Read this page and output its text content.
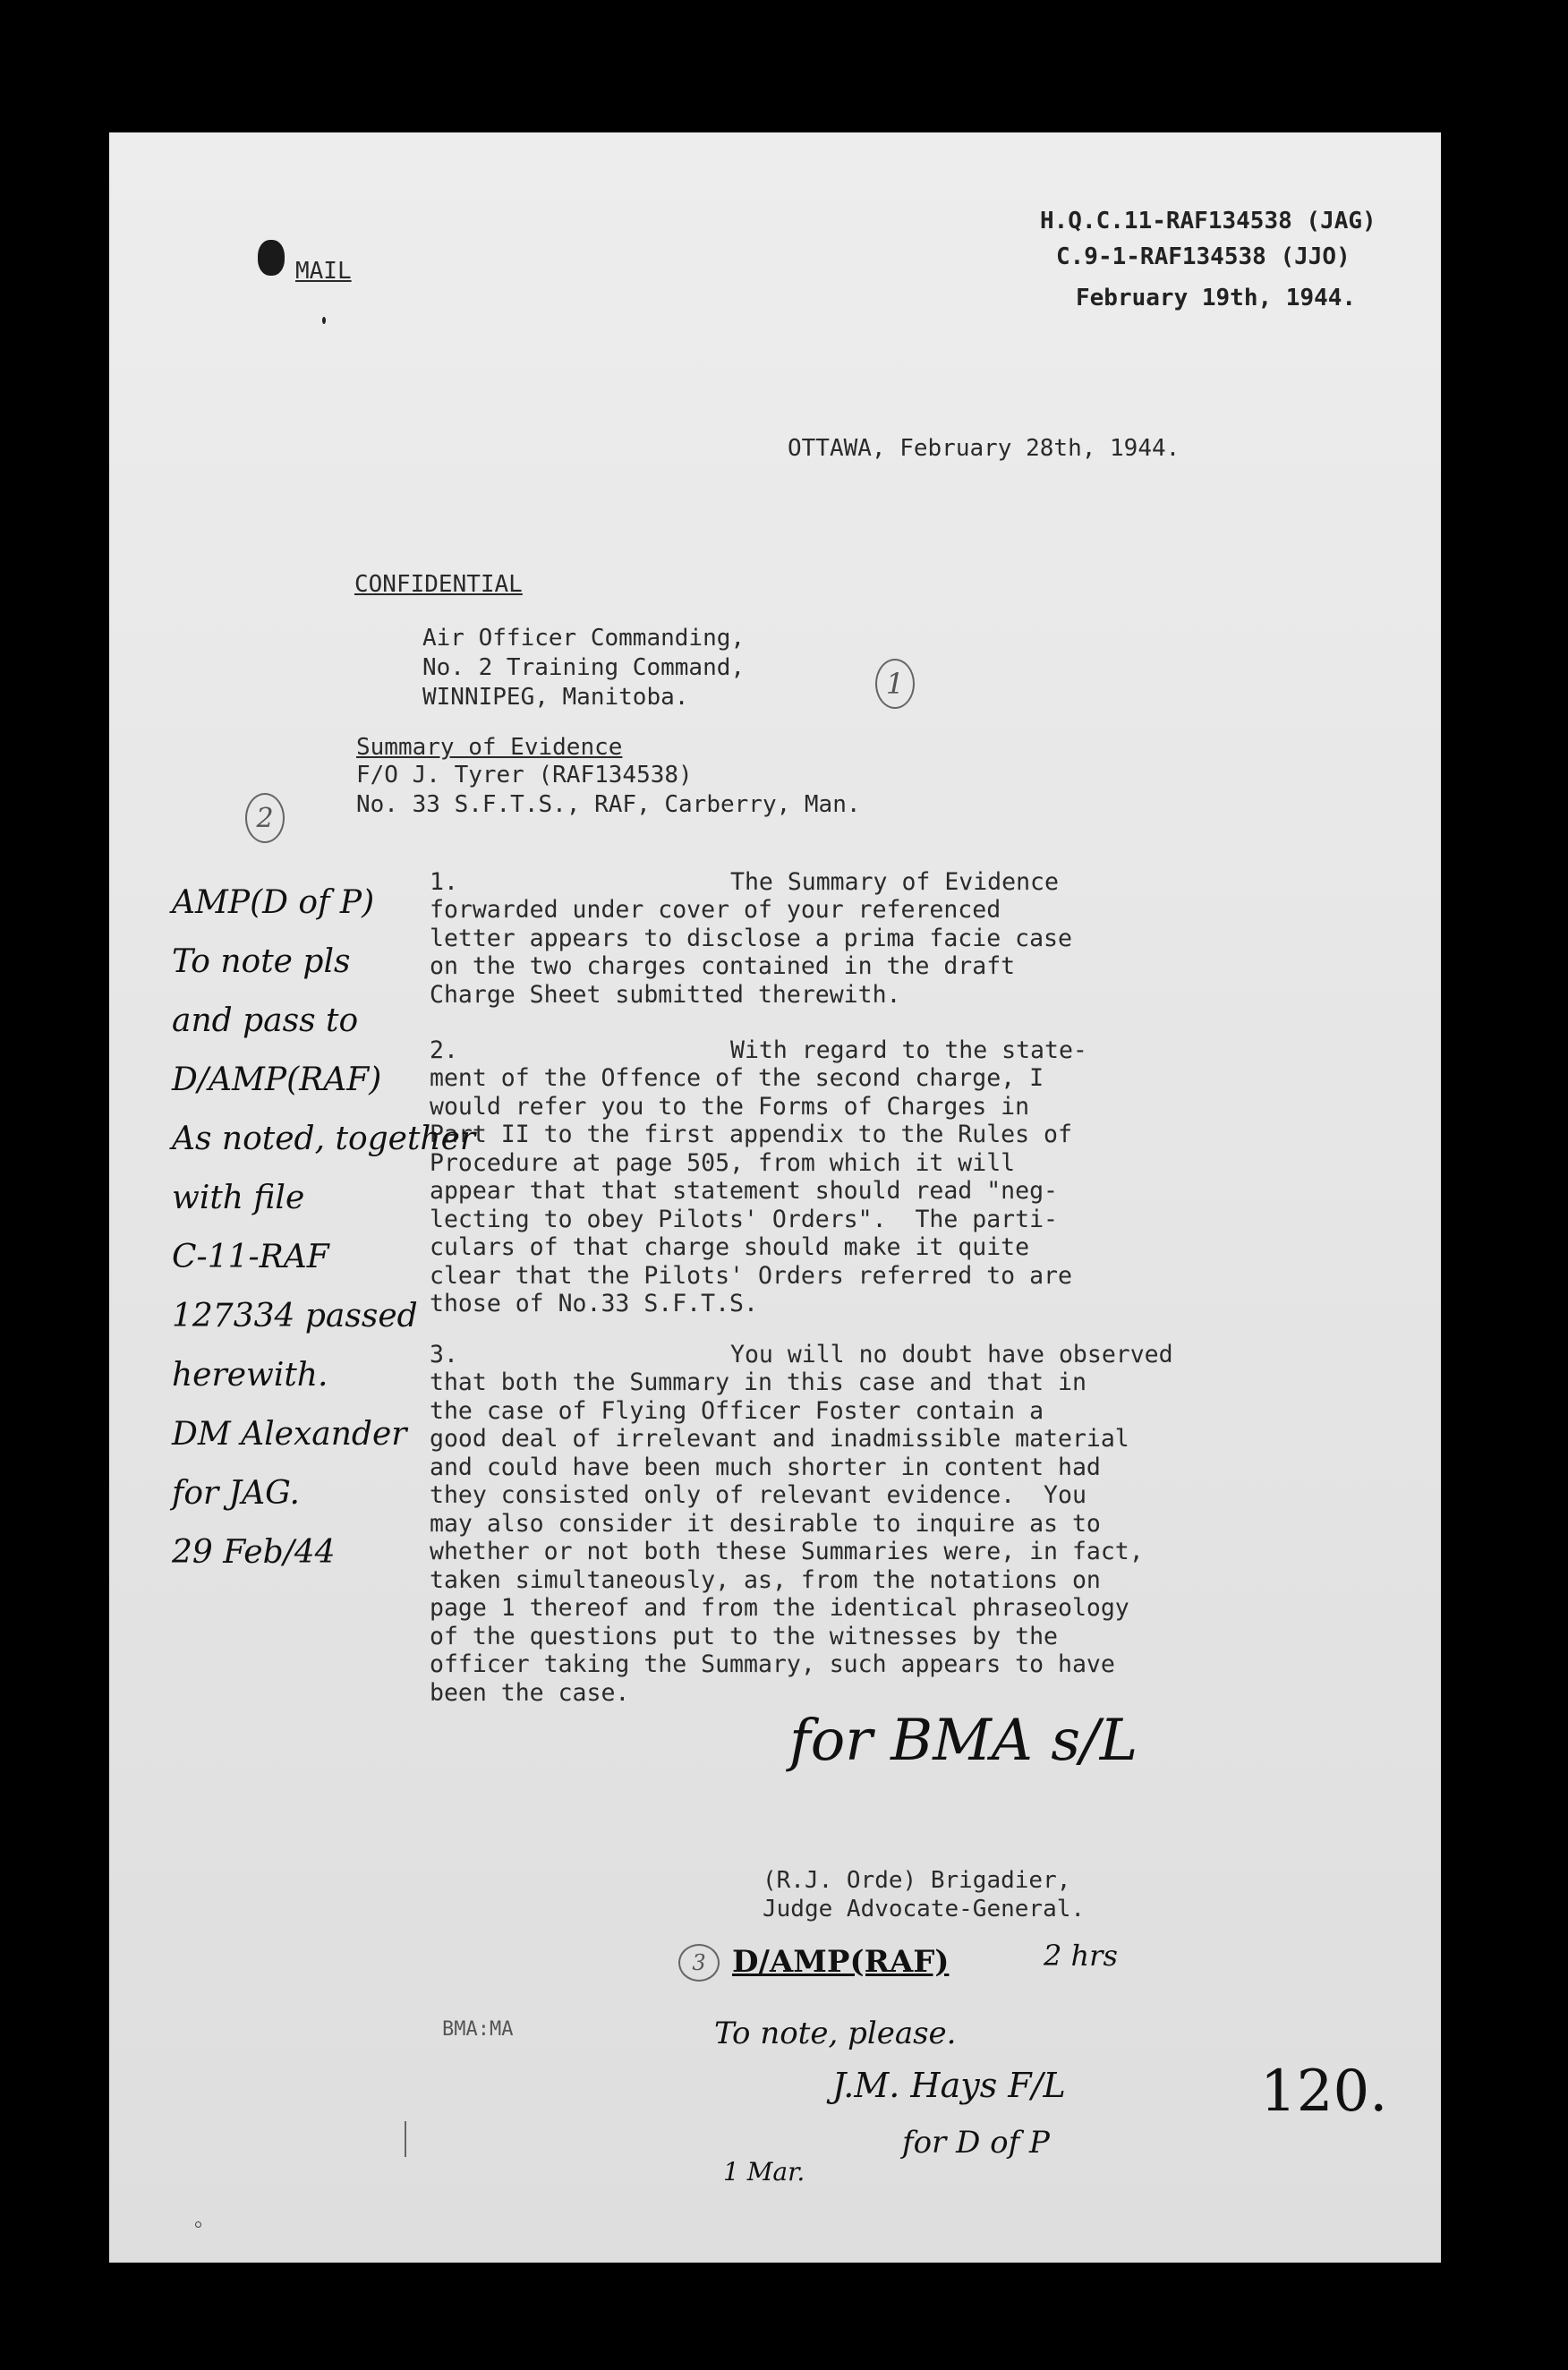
MAIL
H.Q.C.11-RAF134538 (JAG)
C.9-1-RAF134538 (JJO)
February 19th, 1944.
OTTAWA, February 28th, 1944.
CONFIDENTIAL
Air Officer Commanding,
No. 2 Training Command,
WINNIPEG, Manitoba.	1
Summary of Evidence
F/O J. Tyrer (RAF134538)
No. 33 S.F.T.S., RAF, Carberry, Man.
2
1.	The Summary of Evidence
forwarded under cover of your referenced
letter appears to disclose a prima facie case
on the two charges contained in the draft
Charge Sheet submitted therewith.
2.	With regard to the state-
ment of the Offence of the second charge, I
would refer you to the Forms of Charges in
Part II to the first appendix to the Rules of
Procedure at page 505, from which it will
appear that that statement should read "neg-
lecting to obey Pilots' Orders".  The parti-
culars of that charge should make it quite
clear that the Pilots' Orders referred to are
those of No.33 S.F.T.S.
3.	You will no doubt have observed
that both the Summary in this case and that in
the case of Flying Officer Foster contain a
good deal of irrelevant and inadmissible material
and could have been much shorter in content had
they consisted only of relevant evidence.  You
may also consider it desirable to inquire as to
whether or not both these Summaries were, in fact,
taken simultaneously, as, from the notations on
page 1 thereof and from the identical phraseology
of the questions put to the witnesses by the
officer taking the Summary, such appears to have
been the case.
AMP(D of P)
To note pls
and pass to
D/AMP(RAF)
As noted, together
with file
C-11-RAF
127334 passed
herewith.
DM Alexander
for JAG.
29 Feb/44
for BMA s/L
(R.J. Orde) Brigadier,
Judge Advocate-General.
3 D/AMP(RAF)	2 hrs
BMA:MA	To note, please.
J.M. Hays F/L
for D of P
1 Mar.
120.
